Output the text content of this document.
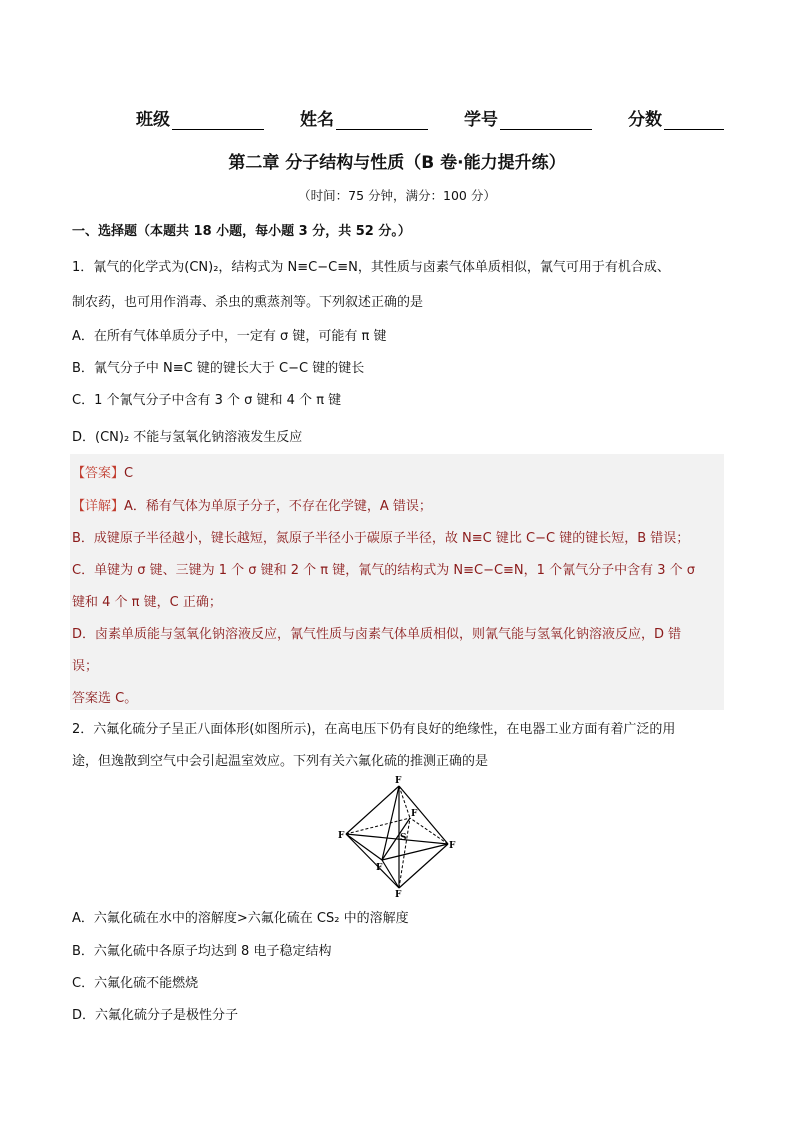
班级	姓名	学号	分数
第二章 分子结构与性质（B 卷·能力提升练）
（时间：75 分钟，满分：100 分）
一、选择题（本题共 18 小题，每小题 3 分，共 52 分。）
1．氰气的化学式为(CN)₂，结构式为 N≡C−C≡N，其性质与卤素气体单质相似，氰气可用于有机合成、
制农药，也可用作消毒、杀虫的熏蒸剂等。下列叙述正确的是
A．在所有气体单质分子中，一定有 σ 键，可能有 π 键
B．氰气分子中 N≡C 键的键长大于 C−C 键的键长
C．1 个氰气分子中含有 3 个 σ 键和 4 个 π 键
D．(CN)₂ 不能与氢氧化钠溶液发生反应
【答案】C
【详解】A．稀有气体为单原子分子，不存在化学键，A 错误；
B．成键原子半径越小，键长越短，氮原子半径小于碳原子半径，故 N≡C 键比 C−C 键的键长短，B 错误；
C．单键为 σ 键、三键为 1 个 σ 键和 2 个 π 键，氰气的结构式为 N≡C−C≡N，1 个氰气分子中含有 3 个 σ
键和 4 个 π 键，C 正确；
D．卤素单质能与氢氧化钠溶液反应，氰气性质与卤素气体单质相似，则氰气能与氢氧化钠溶液反应，D 错
误；
答案选 C。
2．六氟化硫分子呈正八面体形(如图所示)，在高电压下仍有良好的绝缘性，在电器工业方面有着广泛的用
途，但逸散到空气中会引起温室效应。下列有关六氟化硫的推测正确的是
F
F
F
F
F
F
S
A．六氟化硫在水中的溶解度>六氟化硫在 CS₂ 中的溶解度
B．六氟化硫中各原子均达到 8 电子稳定结构
C．六氟化硫不能燃烧
D．六氟化硫分子是极性分子
